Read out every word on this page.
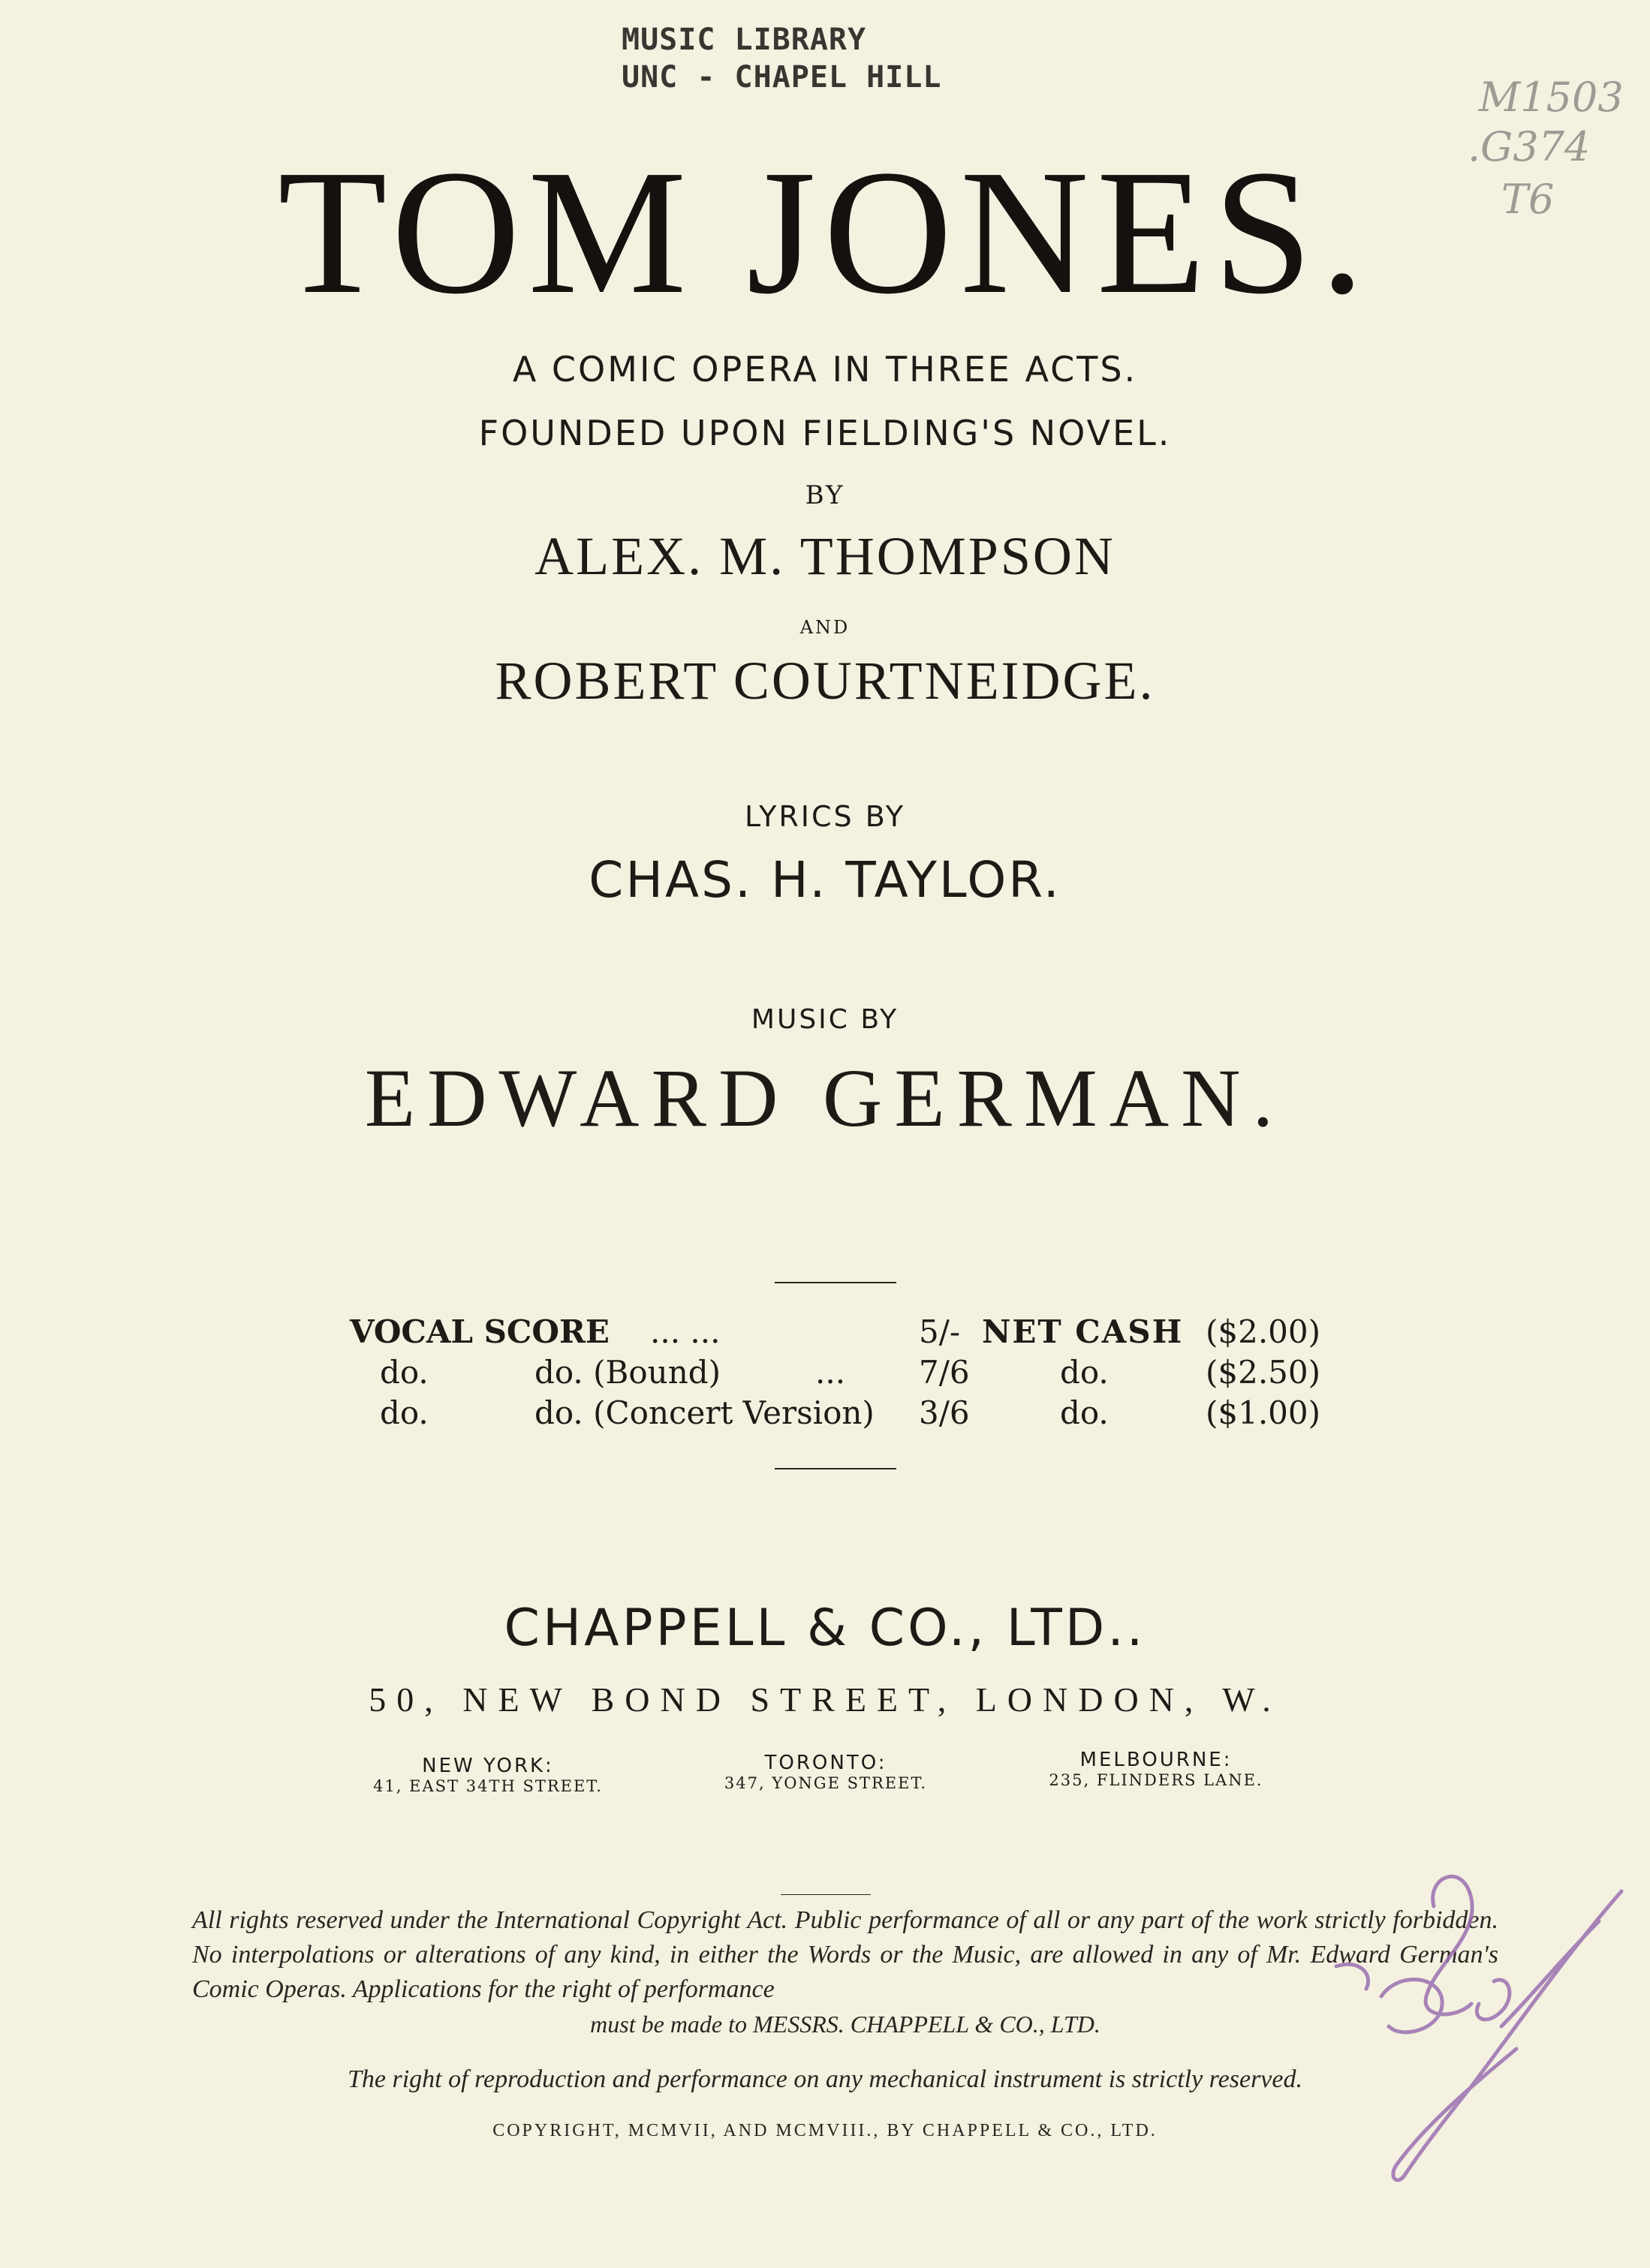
MUSIC LIBRARY
UNC - CHAPEL HILL	M1503
.G374
T6
TOM JONES.
A COMIC OPERA IN THREE ACTS.
FOUNDED UPON FIELDING'S NOVEL.
BY
ALEX. M. THOMPSON
AND
ROBERT COURTNEIDGE.
LYRICS BY
CHAS. H. TAYLOR.
MUSIC BY
EDWARD GERMAN.
VOCAL SCORE ... ...	5/- NET CASH ($2.00)
do.	do. (Bound)	... 7/6	do.	($2.50)
do.	do. (Concert Version) 3/6	do.	($1.00)
CHAPPELL & CO., LTD..
50, NEW BOND STREET, LONDON, W.
NEW YORK:
41, EAST 34TH STREET.
TORONTO:
347, YONGE STREET.
MELBOURNE:
235, FLINDERS LANE.
All rights reserved under the International Copyright Act. Public performance of all or any part of the work strictly forbidden. No interpolations or alterations of any kind, in either the Words or the Music, are allowed in any of Mr. Edward German's Comic Operas. Applications for the right of performance
must be made to MESSRS. CHAPPELL & CO., LTD.
The right of reproduction and performance on any mechanical instrument is strictly reserved.
COPYRIGHT, MCMVII, AND MCMVIII., BY CHAPPELL & CO., LTD.
